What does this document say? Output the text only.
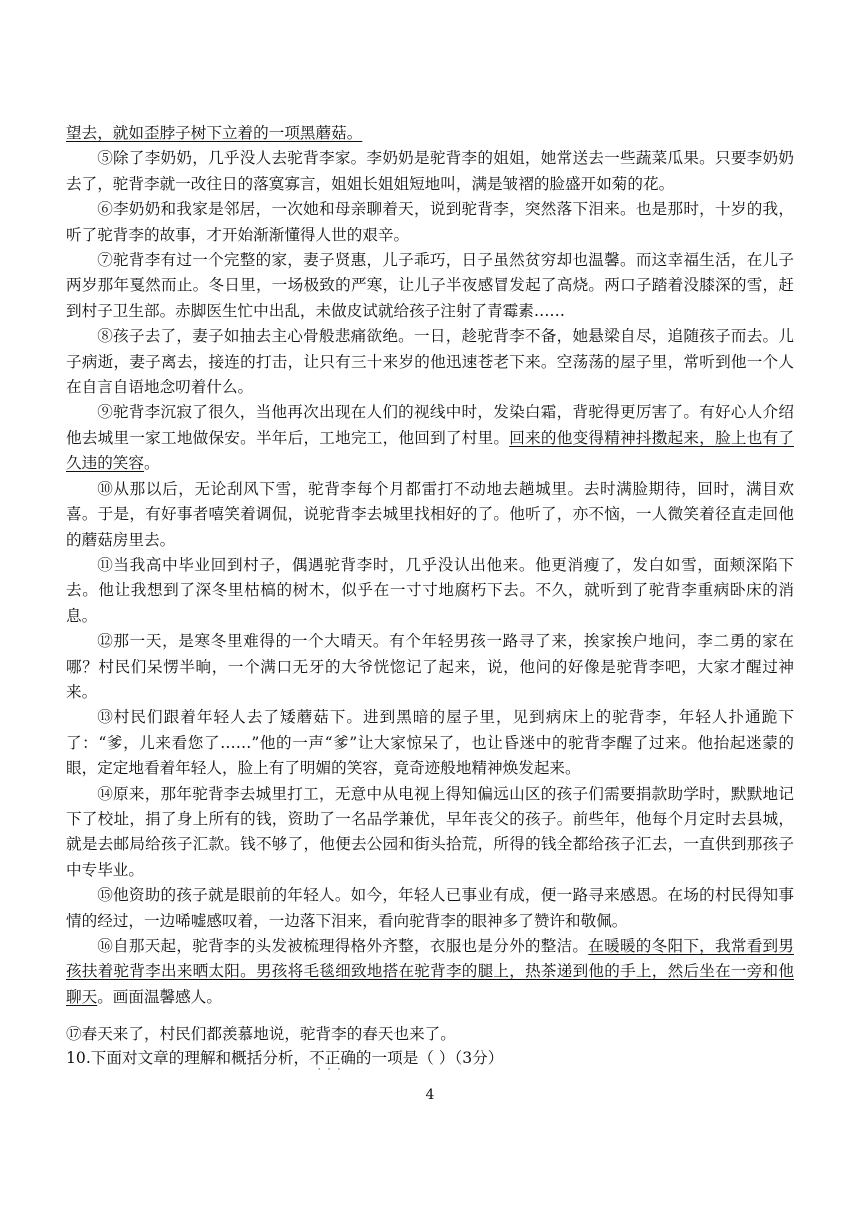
望去，就如歪脖子树下立着的一项黑蘑菇。

⑤除了李奶奶，几乎没人去驼背李家。李奶奶是驼背李的姐姐，她常送去一些蔬菜瓜果。只要李奶奶去了，驼背李就一改往日的落寞寡言，姐姐长姐姐短地叫，满是皱褶的脸盛开如菊的花。

⑥李奶奶和我家是邻居，一次她和母亲聊着天，说到驼背李，突然落下泪来。也是那时，十岁的我，听了驼背李的故事，才开始渐渐懂得人世的艰辛。

⑦驼背李有过一个完整的家，妻子贤惠，儿子乖巧，日子虽然贫穷却也温馨。而这幸福生活，在儿子两岁那年戛然而止。冬日里，一场极致的严寒，让儿子半夜感冒发起了高烧。两口子踏着没膝深的雪，赶到村子卫生部。赤脚医生忙中出乱，未做皮试就给孩子注射了青霉素……

⑧孩子去了，妻子如抽去主心骨般悲痛欲绝。一日，趁驼背李不备，她悬梁自尽，追随孩子而去。儿子病逝，妻子离去，接连的打击，让只有三十来岁的他迅速苍老下来。空荡荡的屋子里，常听到他一个人在自言自语地念叨着什么。

⑨驼背李沉寂了很久，当他再次出现在人们的视线中时，发染白霜，背驼得更厉害了。有好心人介绍他去城里一家工地做保安。半年后，工地完工，他回到了村里。回来的他变得精神抖擞起来，脸上也有了久违的笑容。

⑩从那以后，无论刮风下雪，驼背李每个月都雷打不动地去趟城里。去时满脸期待，回时，满目欢喜。于是，有好事者嘻笑着调侃，说驼背李去城里找相好的了。他听了，亦不恼，一人微笑着径直走回他的蘑菇房里去。

⑪当我高中毕业回到村子，偶遇驼背李时，几乎没认出他来。他更消瘦了，发白如雪，面颊深陷下去。他让我想到了深冬里枯槁的树木，似乎在一寸寸地腐朽下去。不久，就听到了驼背李重病卧床的消息。

⑫那一天，是寒冬里难得的一个大晴天。有个年轻男孩一路寻了来，挨家挨户地问，李二勇的家在哪？村民们呆愣半晌，一个满口无牙的大爷恍惚记了起来，说，他问的好像是驼背李吧，大家才醒过神来。

⑬村民们跟着年轻人去了矮蘑菇下。进到黑暗的屋子里，见到病床上的驼背李，年轻人扑通跪下了：“爹，儿来看您了……”他的一声“爹”让大家惊呆了，也让昏迷中的驼背李醒了过来。他抬起迷蒙的眼，定定地看着年轻人，脸上有了明媚的笑容，竟奇迹般地精神焕发起来。

⑭原来，那年驼背李去城里打工，无意中从电视上得知偏远山区的孩子们需要捐款助学时，默默地记下了校址，捐了身上所有的钱，资助了一名品学兼优，早年丧父的孩子。前些年，他每个月定时去县城，就是去邮局给孩子汇款。钱不够了，他便去公园和街头拾荒，所得的钱全都给孩子汇去，一直供到那孩子中专毕业。

⑮他资助的孩子就是眼前的年轻人。如今，年轻人已事业有成，便一路寻来感恩。在场的村民得知事情的经过，一边唏嘘感叹着，一边落下泪来，看向驼背李的眼神多了赞许和敬佩。

⑯自那天起，驼背李的头发被梳理得格外齐整，衣服也是分外的整洁。在暖暖的冬阳下，我常看到男孩扶着驼背李出来晒太阳。男孩将毛毯细致地搭在驼背李的腿上，热茶递到他的手上，然后坐在一旁和他聊天。画面温馨感人。

⑰春天来了，村民们都羡慕地说，驼背李的春天也来了。

10.下面对文章的理解和概括分析，不正确
···
的一项是（ ）（3分）
4
